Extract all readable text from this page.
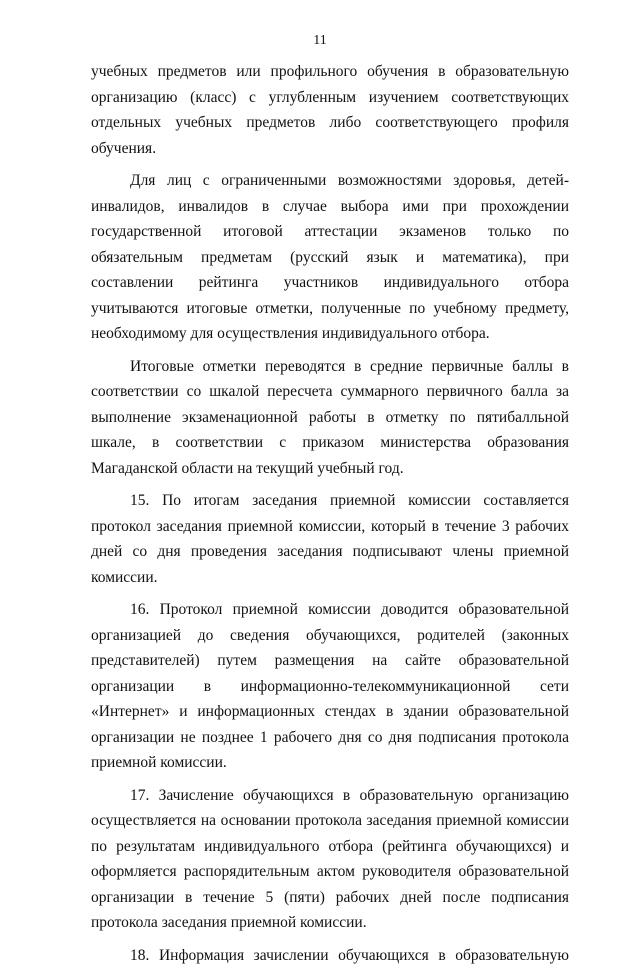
11

учебных предметов или профильного обучения в образовательную организацию (класс) с углубленным изучением соответствующих отдельных учебных предметов либо соответствующего профиля обучения.

Для лиц с ограниченными возможностями здоровья, детей-инвалидов, инвалидов в случае выбора ими при прохождении государственной итоговой аттестации экзаменов только по обязательным предметам (русский язык и математика), при составлении рейтинга участников индивидуального отбора учитываются итоговые отметки, полученные по учебному предмету, необходимому для осуществления индивидуального отбора.

Итоговые отметки переводятся в средние первичные баллы в соответствии со шкалой пересчета суммарного первичного балла за выполнение экзаменационной работы в отметку по пятибалльной шкале, в соответствии с приказом министерства образования Магаданской области на текущий учебный год.

15. По итогам заседания приемной комиссии составляется протокол заседания приемной комиссии, который в течение 3 рабочих дней со дня проведения заседания подписывают члены приемной комиссии.

16. Протокол приемной комиссии доводится образовательной организацией до сведения обучающихся, родителей (законных представителей) путем размещения на сайте образовательной организации в информационно-телекоммуникационной сети «Интернет» и информационных стендах в здании образовательной организации не позднее 1 рабочего дня со дня подписания протокола приемной комиссии.

17. Зачисление обучающихся в образовательную организацию осуществляется на основании протокола заседания приемной комиссии по результатам индивидуального отбора (рейтинга обучающихся) и оформляется распорядительным актом руководителя образовательной организации в течение 5 (пяти) рабочих дней после подписания протокола заседания приемной комиссии.

18. Информация зачислении обучающихся в образовательную
